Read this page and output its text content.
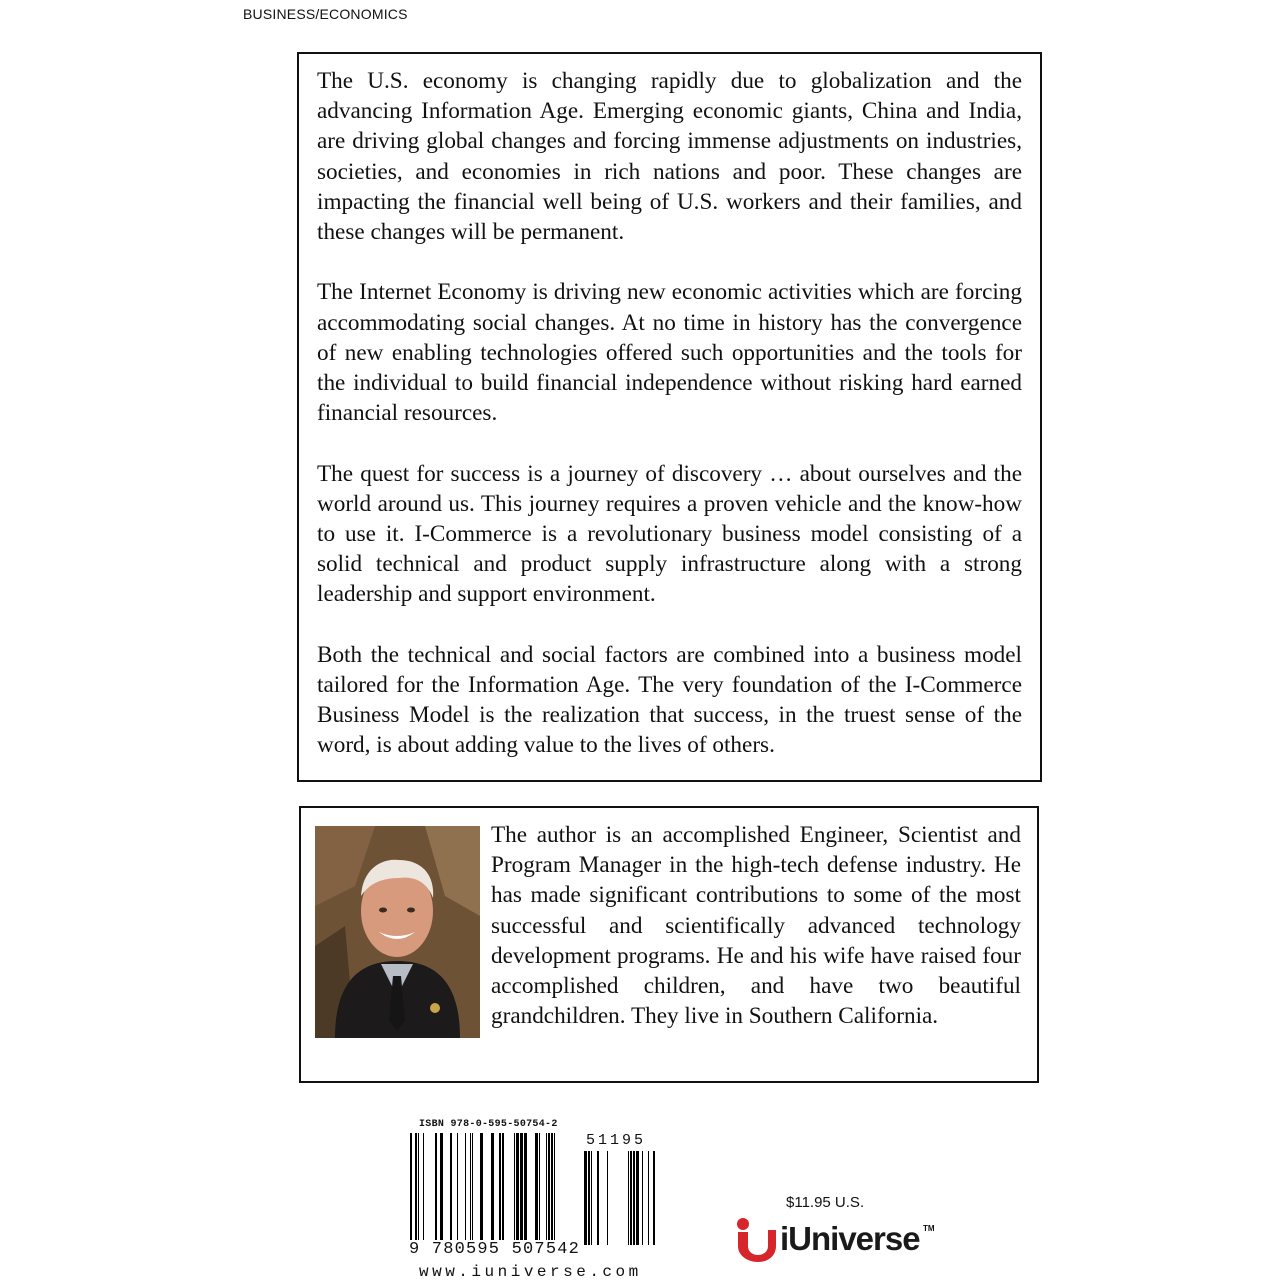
BUSINESS/ECONOMICS

The U.S. economy is changing rapidly due to globalization and the advancing Information Age. Emerging economic giants, China and India, are driving global changes and forcing immense adjustments on industries, societies, and economies in rich nations and poor. These changes are impacting the financial well being of U.S. workers and their families, and these changes will be permanent.

The Internet Economy is driving new economic activities which are forcing accommodating social changes. At no time in history has the convergence of new enabling technologies offered such opportunities and the tools for the individual to build financial independence without risking hard earned financial resources.

The quest for success is a journey of discovery … about ourselves and the world around us. This journey requires a proven vehicle and the know-how to use it. I-Commerce is a revolutionary business model consisting of a solid technical and product supply infrastructure along with a strong leadership and support environment.

Both the technical and social factors are combined into a business model tailored for the Information Age. The very foundation of the I-Commerce Business Model is the realization that success, in the truest sense of the word, is about adding value to the lives of others.

The author is an accomplished Engineer, Scientist and Program Manager in the high-tech defense industry. He has made significant contributions to some of the most successful and scientifically advanced technology development programs. He and his wife have raised four accomplished children, and have two beautiful grandchildren. They live in Southern California.
ISBN 978-0-595-50754-2
51195
9 780595 507542
www.iuniverse.com
$11.95 U.S.
iUniverse TM
